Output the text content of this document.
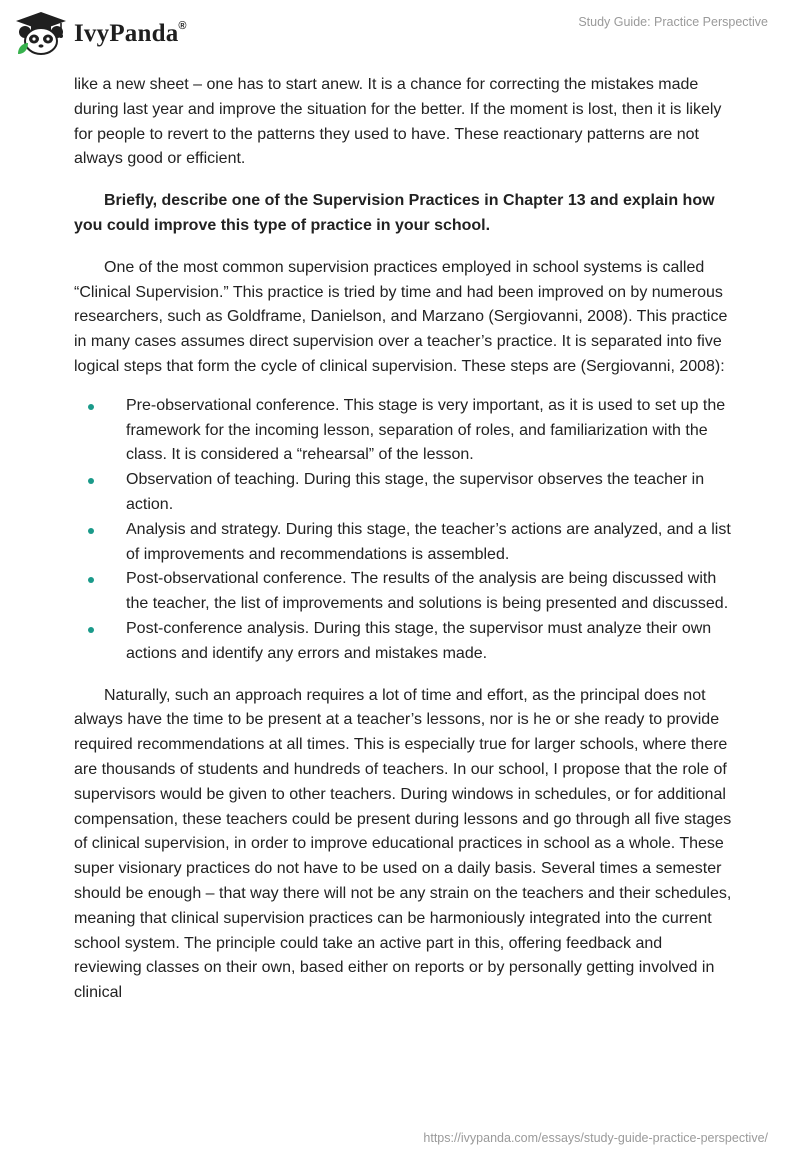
IvyPanda®	Study Guide: Practice Perspective

like a new sheet – one has to start anew. It is a chance for correcting the mistakes made during last year and improve the situation for the better. If the moment is lost, then it is likely for people to revert to the patterns they used to have. These reactionary patterns are not always good or efficient.

Briefly, describe one of the Supervision Practices in Chapter 13 and explain how you could improve this type of practice in your school.

One of the most common supervision practices employed in school systems is called “Clinical Supervision.” This practice is tried by time and had been improved on by numerous researchers, such as Goldframe, Danielson, and Marzano (Sergiovanni, 2008). This practice in many cases assumes direct supervision over a teacher’s practice. It is separated into five logical steps that form the cycle of clinical supervision. These steps are (Sergiovanni, 2008):

Pre-observational conference. This stage is very important, as it is used to set up the framework for the incoming lesson, separation of roles, and familiarization with the class. It is considered a “rehearsal” of the lesson.
Observation of teaching. During this stage, the supervisor observes the teacher in action.
Analysis and strategy. During this stage, the teacher’s actions are analyzed, and a list of improvements and recommendations is assembled.
Post-observational conference. The results of the analysis are being discussed with the teacher, the list of improvements and solutions is being presented and discussed.
Post-conference analysis. During this stage, the supervisor must analyze their own actions and identify any errors and mistakes made.

Naturally, such an approach requires a lot of time and effort, as the principal does not always have the time to be present at a teacher’s lessons, nor is he or she ready to provide required recommendations at all times. This is especially true for larger schools, where there are thousands of students and hundreds of teachers. In our school, I propose that the role of supervisors would be given to other teachers. During windows in schedules, or for additional compensation, these teachers could be present during lessons and go through all five stages of clinical supervision, in order to improve educational practices in school as a whole. These super visionary practices do not have to be used on a daily basis. Several times a semester should be enough – that way there will not be any strain on the teachers and their schedules, meaning that clinical supervision practices can be harmoniously integrated into the current school system. The principle could take an active part in this, offering feedback and reviewing classes on their own, based either on reports or by personally getting involved in clinical

https://ivypanda.com/essays/study-guide-practice-perspective/
